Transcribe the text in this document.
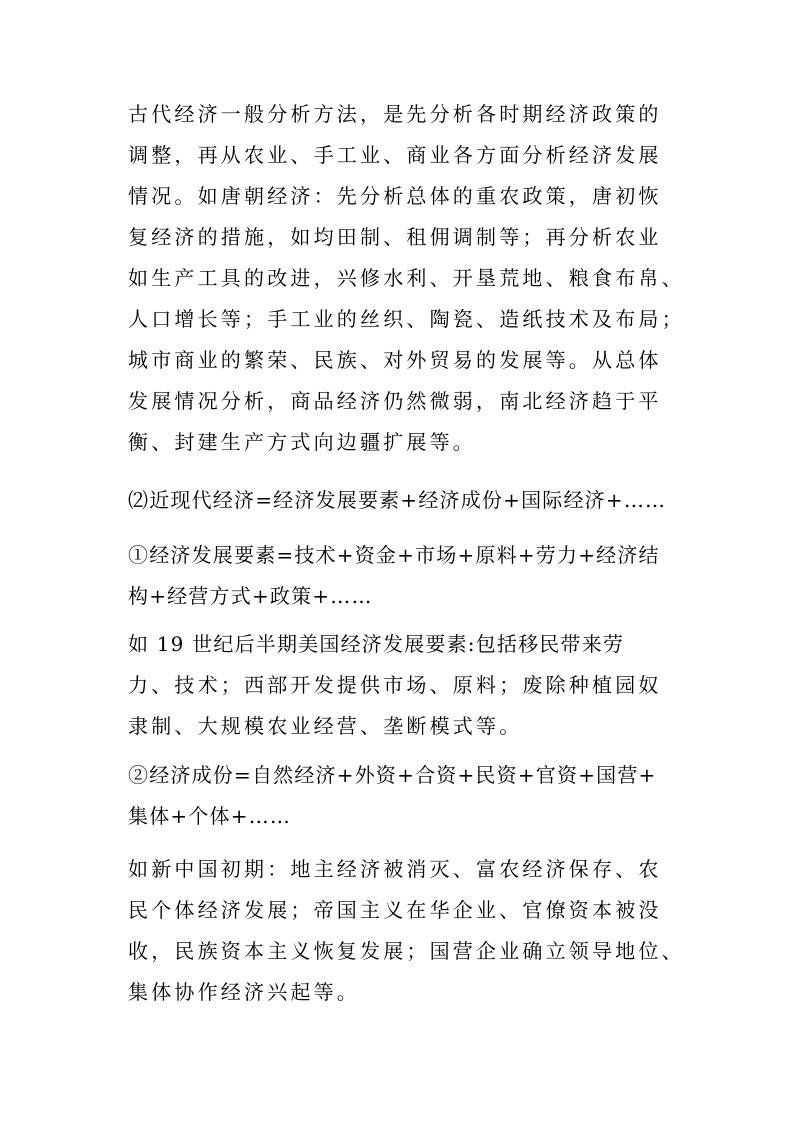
古代经济一般分析方法，是先分析各时期经济政策的
调整，再从农业、手工业、商业各方面分析经济发展
情况。如唐朝经济：先分析总体的重农政策，唐初恢
复经济的措施，如均田制、租佣调制等；再分析农业
如生产工具的改进，兴修水利、开垦荒地、粮食布帛、
人口增长等；手工业的丝织、陶瓷、造纸技术及布局；
城市商业的繁荣、民族、对外贸易的发展等。从总体
发展情况分析，商品经济仍然微弱，南北经济趋于平
衡、封建生产方式向边疆扩展等。
⑵近现代经济=经济发展要素+经济成份+国际经济+……
①经济发展要素=技术+资金+市场+原料+劳力+经济结
构+经营方式+政策+……
如 19 世纪后半期美国经济发展要素:包括移民带来劳
力、技术；西部开发提供市场、原料；废除种植园奴
隶制、大规模农业经营、垄断模式等。
②经济成份=自然经济+外资+合资+民资+官资+国营+
集体+个体+……
如新中国初期：地主经济被消灭、富农经济保存、农
民个体经济发展；帝国主义在华企业、官僚资本被没
收，民族资本主义恢复发展；国营企业确立领导地位、
集体协作经济兴起等。
